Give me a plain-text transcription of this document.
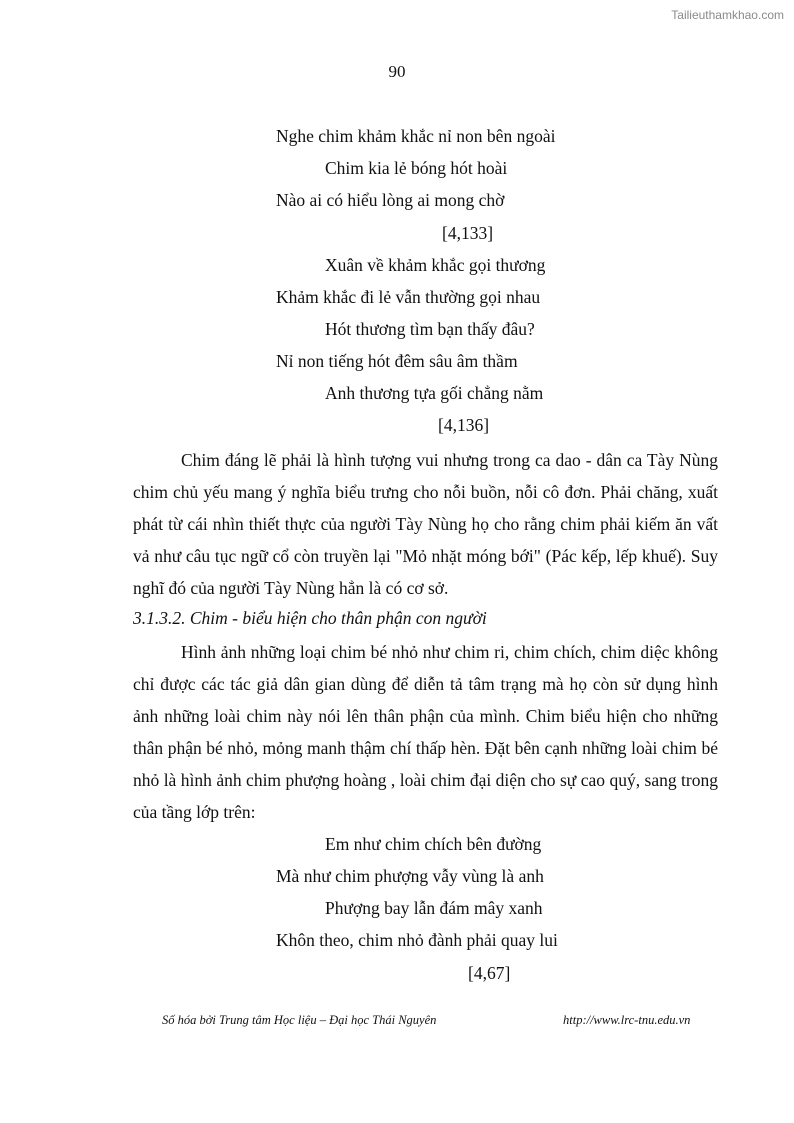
Tailieuthamkhao.com
90
Nghe chim khảm khắc nỉ non bên ngoài
Chim kia lẻ bóng hót hoài
Nào ai có hiểu lòng ai mong chờ
[4,133]
Xuân về khảm khắc gọi thương
Khảm khắc đi lẻ vẫn thường gọi nhau
Hót thương tìm bạn thấy đâu?
Nỉ non tiếng hót đêm sâu âm thầm
Anh thương tựa gối chẳng nằm
[4,136]
Chim đáng lẽ phải là hình tượng vui nhưng trong ca dao - dân ca Tày Nùng chim chủ yếu mang ý nghĩa biểu trưng cho nỗi buồn, nỗi cô đơn. Phải chăng, xuất phát từ cái nhìn thiết thực của người Tày Nùng họ cho rằng chim phải kiếm ăn vất vả như câu tục ngữ cổ còn truyền lại "Mỏ nhặt móng bới" (Pác kếp, lếp khuế). Suy nghĩ đó của người Tày Nùng hẳn là có cơ sở.
3.1.3.2. Chim - biểu hiện cho thân phận con người
Hình ảnh những loại chim bé nhỏ như chim ri, chim chích, chim diệc không chỉ được các tác giả dân gian dùng để diễn tả tâm trạng mà họ còn sử dụng hình ảnh những loài chim này nói lên thân phận của mình. Chim biểu hiện cho những thân phận bé nhỏ, mỏng manh thậm chí thấp hèn. Đặt bên cạnh những loài chim bé nhỏ là hình ảnh chim phượng hoàng , loài chim đại diện cho sự cao quý, sang trong của tầng lớp trên:
Em như chim chích bên đường
Mà như chim phượng vẫy vùng là anh
Phượng bay lẫn đám mây xanh
Khôn theo, chim nhỏ đành phải quay lui
[4,67]
Số hóa bởi Trung tâm Học liệu – Đại học Thái Nguyên	http://www.lrc-tnu.edu.vn
